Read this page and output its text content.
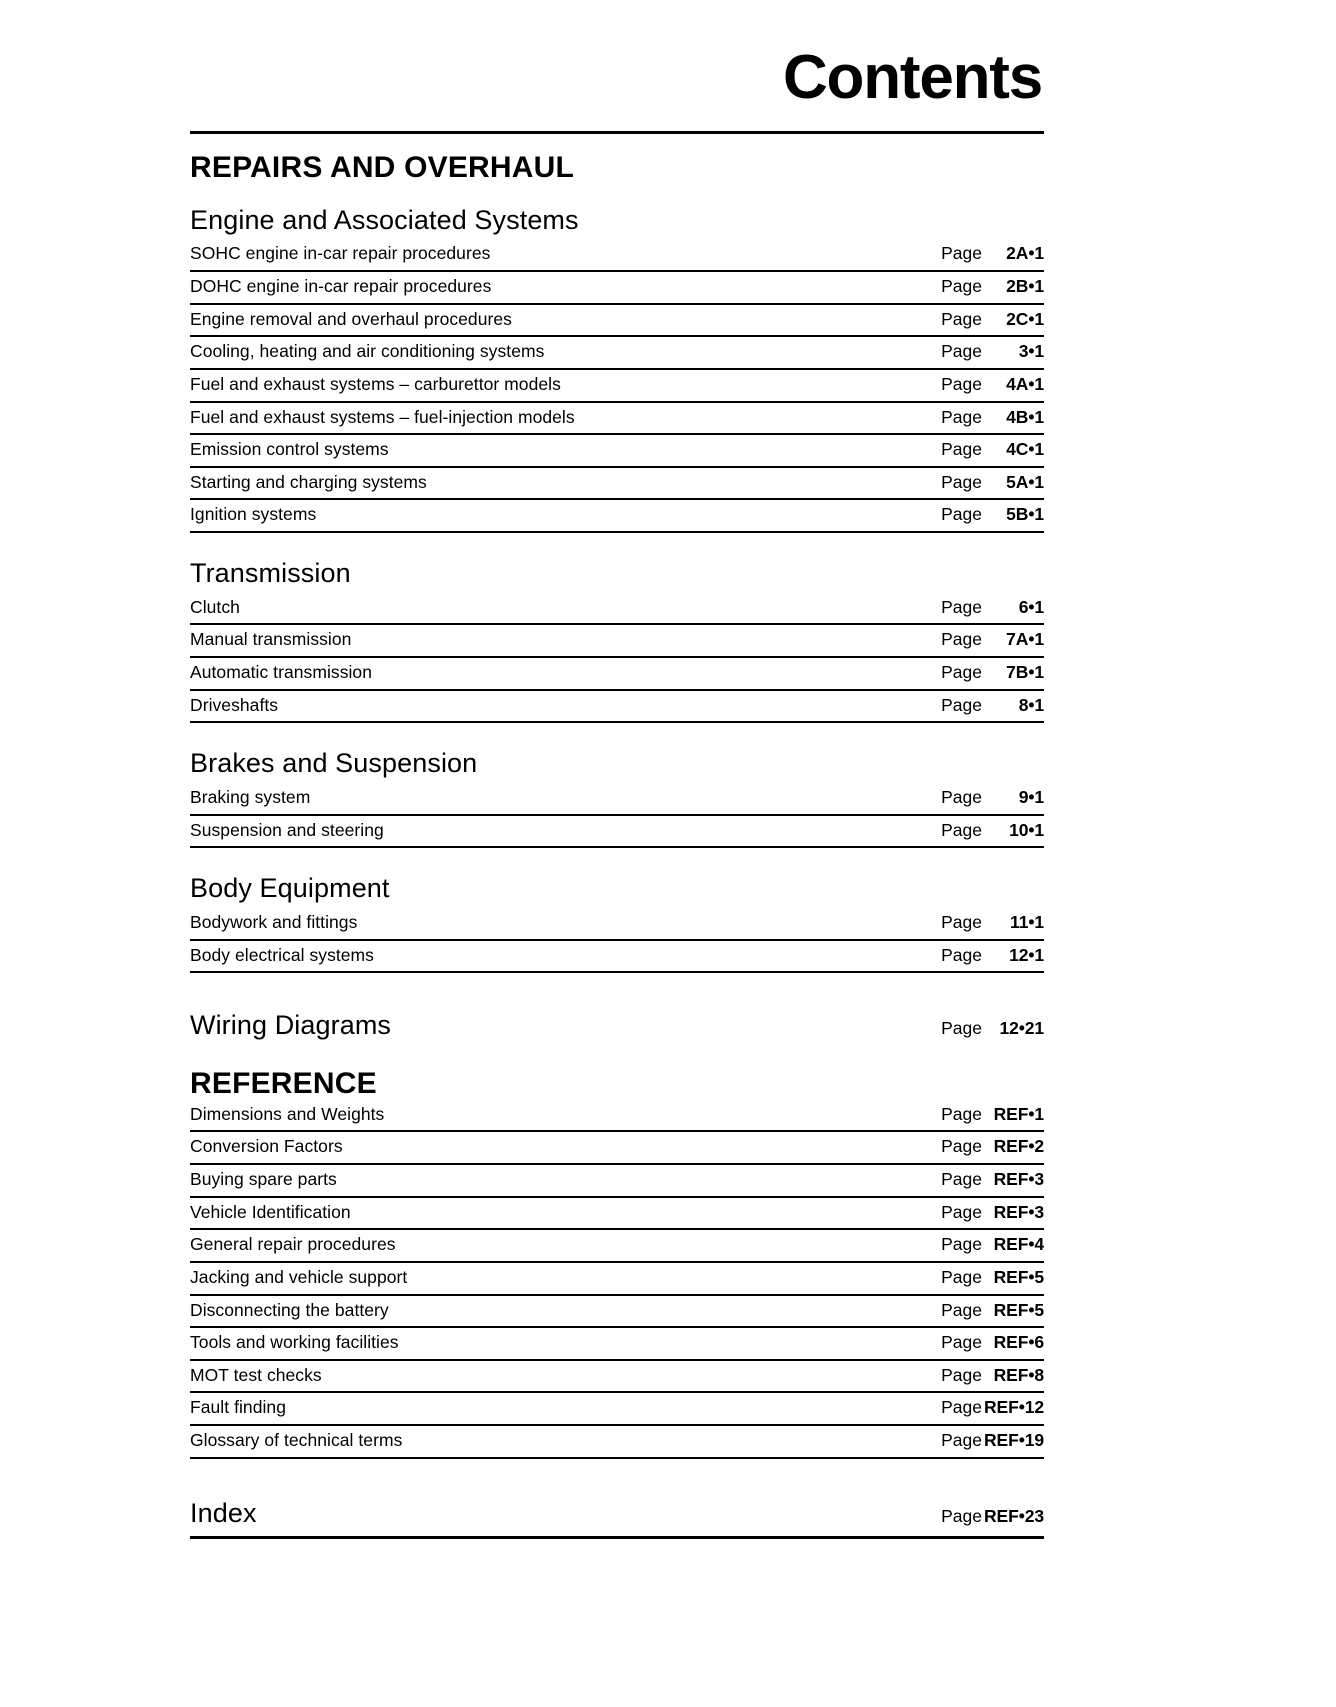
Contents
REPAIRS AND OVERHAUL
Engine and Associated Systems
SOHC engine in-car repair procedures	Page	2A•1
DOHC engine in-car repair procedures	Page	2B•1
Engine removal and overhaul procedures	Page	2C•1
Cooling, heating and air conditioning systems	Page	3•1
Fuel and exhaust systems – carburettor models	Page	4A•1
Fuel and exhaust systems – fuel-injection models	Page	4B•1
Emission control systems	Page	4C•1
Starting and charging systems	Page	5A•1
Ignition systems	Page	5B•1
Transmission
Clutch	Page	6•1
Manual transmission	Page	7A•1
Automatic transmission	Page	7B•1
Driveshafts	Page	8•1
Brakes and Suspension
Braking system	Page	9•1
Suspension and steering	Page	10•1
Body Equipment
Bodywork and fittings	Page	11•1
Body electrical systems	Page	12•1
Wiring Diagrams	Page 12•21
REFERENCE
Dimensions and Weights	Page REF•1
Conversion Factors	Page REF•2
Buying spare parts	Page REF•3
Vehicle Identification	Page REF•3
General repair procedures	Page REF•4
Jacking and vehicle support	Page REF•5
Disconnecting the battery	Page REF•5
Tools and working facilities	Page REF•6
MOT test checks	Page REF•8
Fault finding	Page REF•12
Glossary of technical terms	Page REF•19
Index	Page REF•23
